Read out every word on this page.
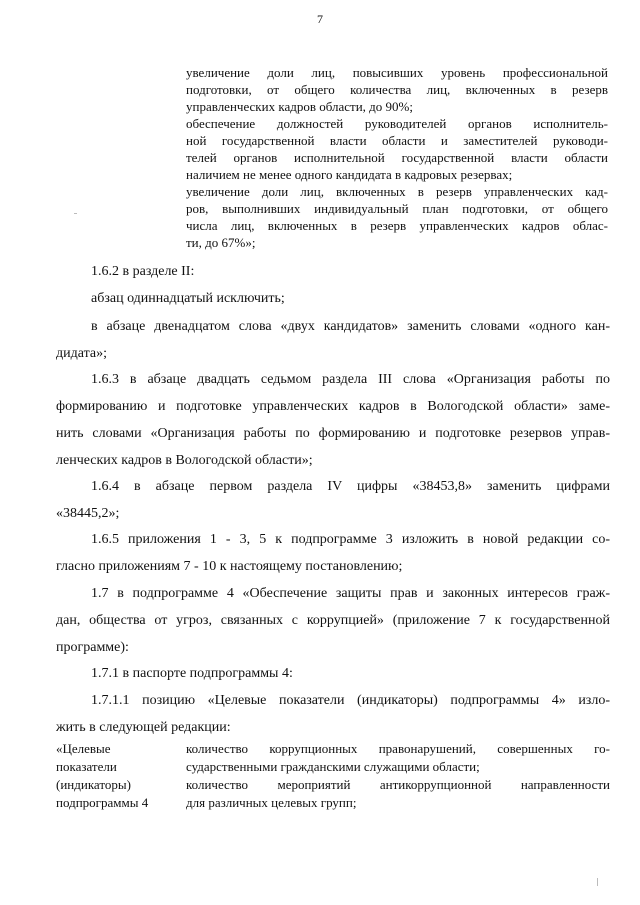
7
увеличение доли лиц, повысивших уровень профессиональной
подготовки, от общего количества лиц, включенных в резерв
управленческих кадров области, до 90%;
обеспечение должностей руководителей органов исполнитель-
ной государственной власти области и заместителей руководи-
телей органов исполнительной государственной власти области
наличием не менее одного кандидата в кадровых резервах;
увеличение доли лиц, включенных в резерв управленческих кад-
ров, выполнивших индивидуальный план подготовки, от общего
числа лиц, включенных в резерв управленческих кадров облас-
ти, до 67%»;
1.6.2 в разделе II:
абзац одиннадцатый исключить;
в абзаце двенадцатом слова «двух кандидатов» заменить словами «одного кан-
дидата»;
1.6.3 в абзаце двадцать седьмом раздела III слова «Организация работы по
формированию и подготовке управленческих кадров в Вологодской области» заме-
нить словами «Организация работы по формированию и подготовке резервов управ-
ленческих кадров в Вологодской области»;
1.6.4 в абзаце первом раздела IV цифры «38453,8» заменить цифрами
«38445,2»;
1.6.5 приложения 1 - 3, 5 к подпрограмме 3 изложить в новой редакции со-
гласно приложениям 7 - 10 к настоящему постановлению;
1.7 в подпрограмме 4 «Обеспечение защиты прав и законных интересов граж-
дан, общества от угроз, связанных с коррупцией» (приложение 7 к государственной
программе):
1.7.1 в паспорте подпрограммы 4:
1.7.1.1 позицию «Целевые показатели (индикаторы) подпрограммы 4» изло-
жить в следующей редакции:
«Целевые
показатели
(индикаторы)
подпрограммы 4
количество коррупционных правонарушений, совершенных го-
сударственными гражданскими служащими области;
количество мероприятий антикоррупционной направленности
для различных целевых групп;
